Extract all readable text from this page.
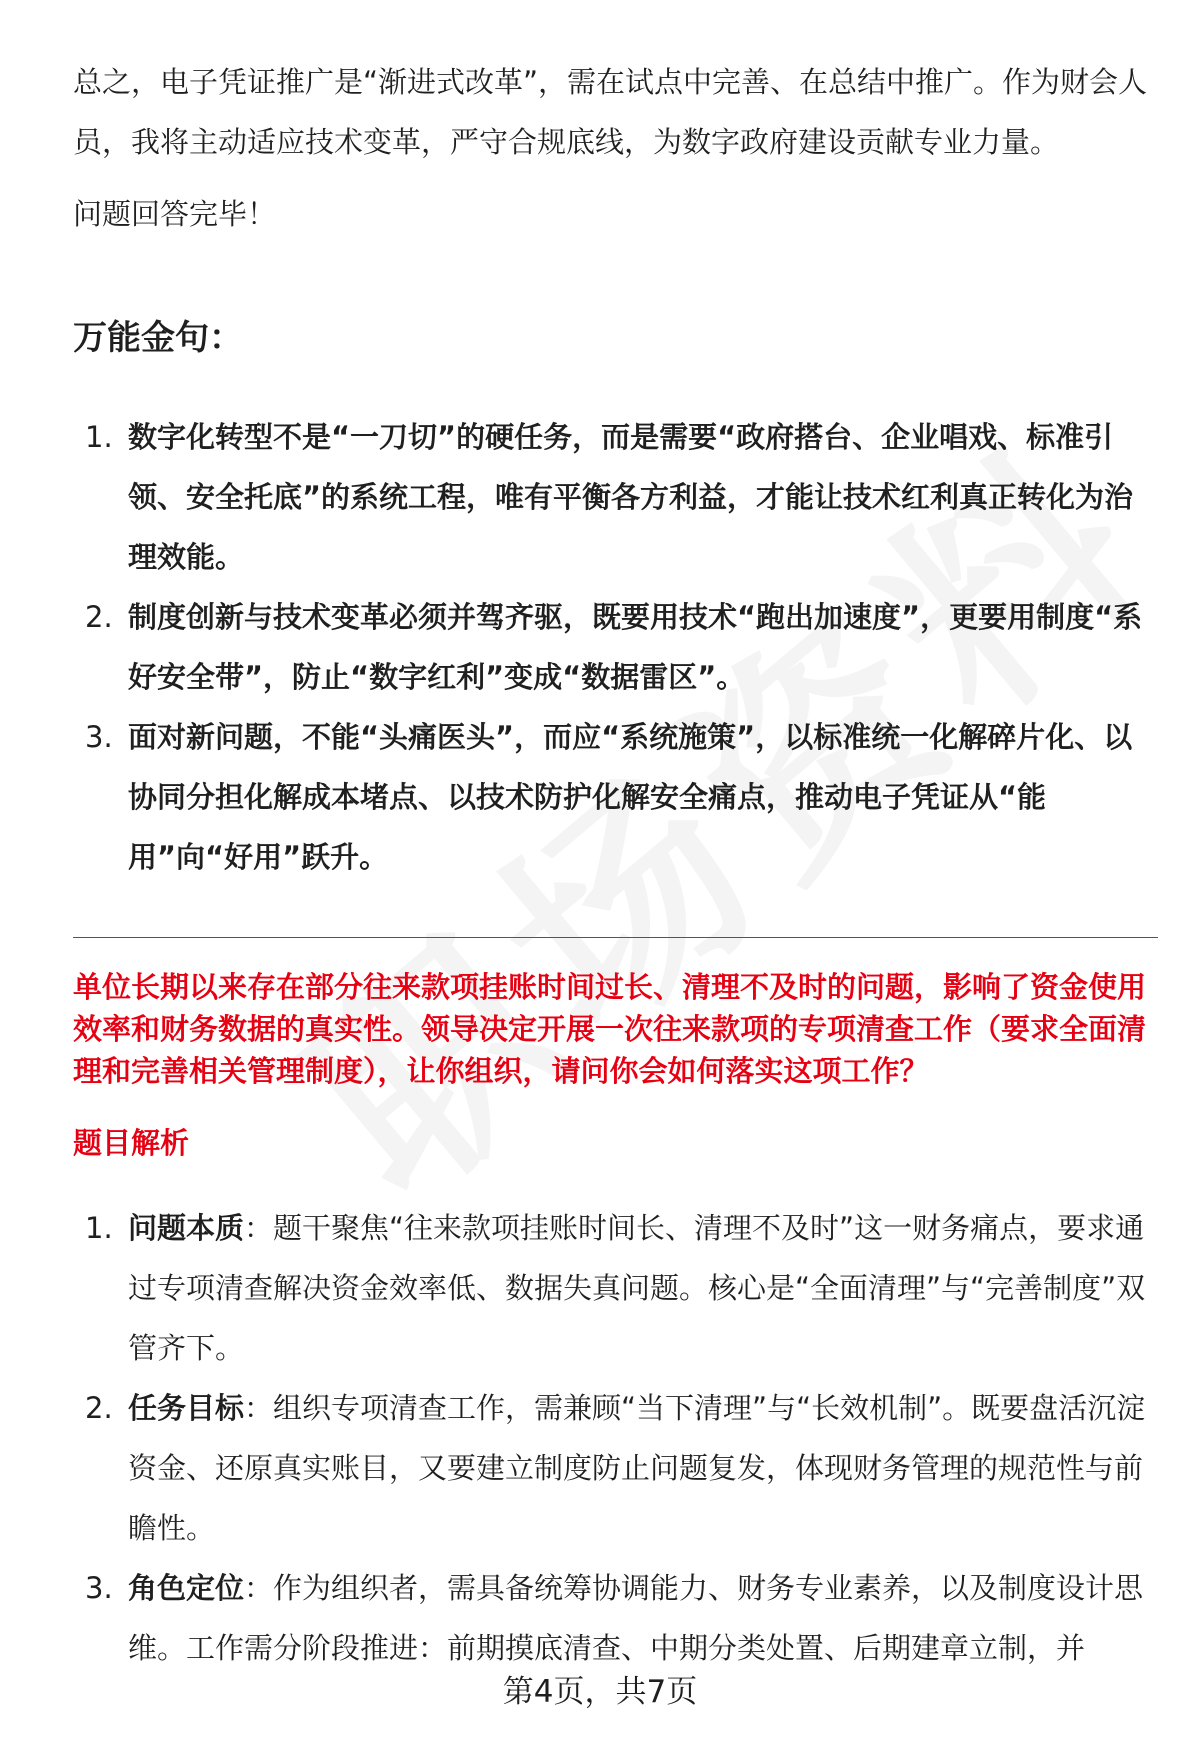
总之，电子凭证推广是“渐进式改革”，需在试点中完善、在总结中推广。作为财会人员，我将主动适应技术变革，严守合规底线，为数字政府建设贡献专业力量。

问题回答完毕！

万能金句：
1. 数字化转型不是“一刀切”的硬任务，而是需要“政府搭台、企业唱戏、标准引领、安全托底”的系统工程，唯有平衡各方利益，才能让技术红利真正转化为治理效能。
2. 制度创新与技术变革必须并驾齐驱，既要用技术“跑出加速度”，更要用制度“系好安全带”，防止“数字红利”变成“数据雷区”。
3. 面对新问题，不能“头痛医头”，而应“系统施策”，以标准统一化解碎片化、以协同分担化解成本堵点、以技术防护化解安全痛点，推动电子凭证从“能用”向“好用”跃升。

单位长期以来存在部分往来款项挂账时间过长、清理不及时的问题，影响了资金使用效率和财务数据的真实性。领导决定开展一次往来款项的专项清查工作（要求全面清理和完善相关管理制度），让你组织，请问你会如何落实这项工作？

题目解析
1. 问题本质：题干聚焦“往来款项挂账时间长、清理不及时”这一财务痛点，要求通过专项清查解决资金效率低、数据失真问题。核心是“全面清理”与“完善制度”双管齐下。
2. 任务目标：组织专项清查工作，需兼顾“当下清理”与“长效机制”。既要盘活沉淀资金、还原真实账目，又要建立制度防止问题复发，体现财务管理的规范性与前瞻性。
3. 角色定位：作为组织者，需具备统筹协调能力、财务专业素养，以及制度设计思维。工作需分阶段推进：前期摸底清查、中期分类处置、后期建章立制，并
第4页，共7页
